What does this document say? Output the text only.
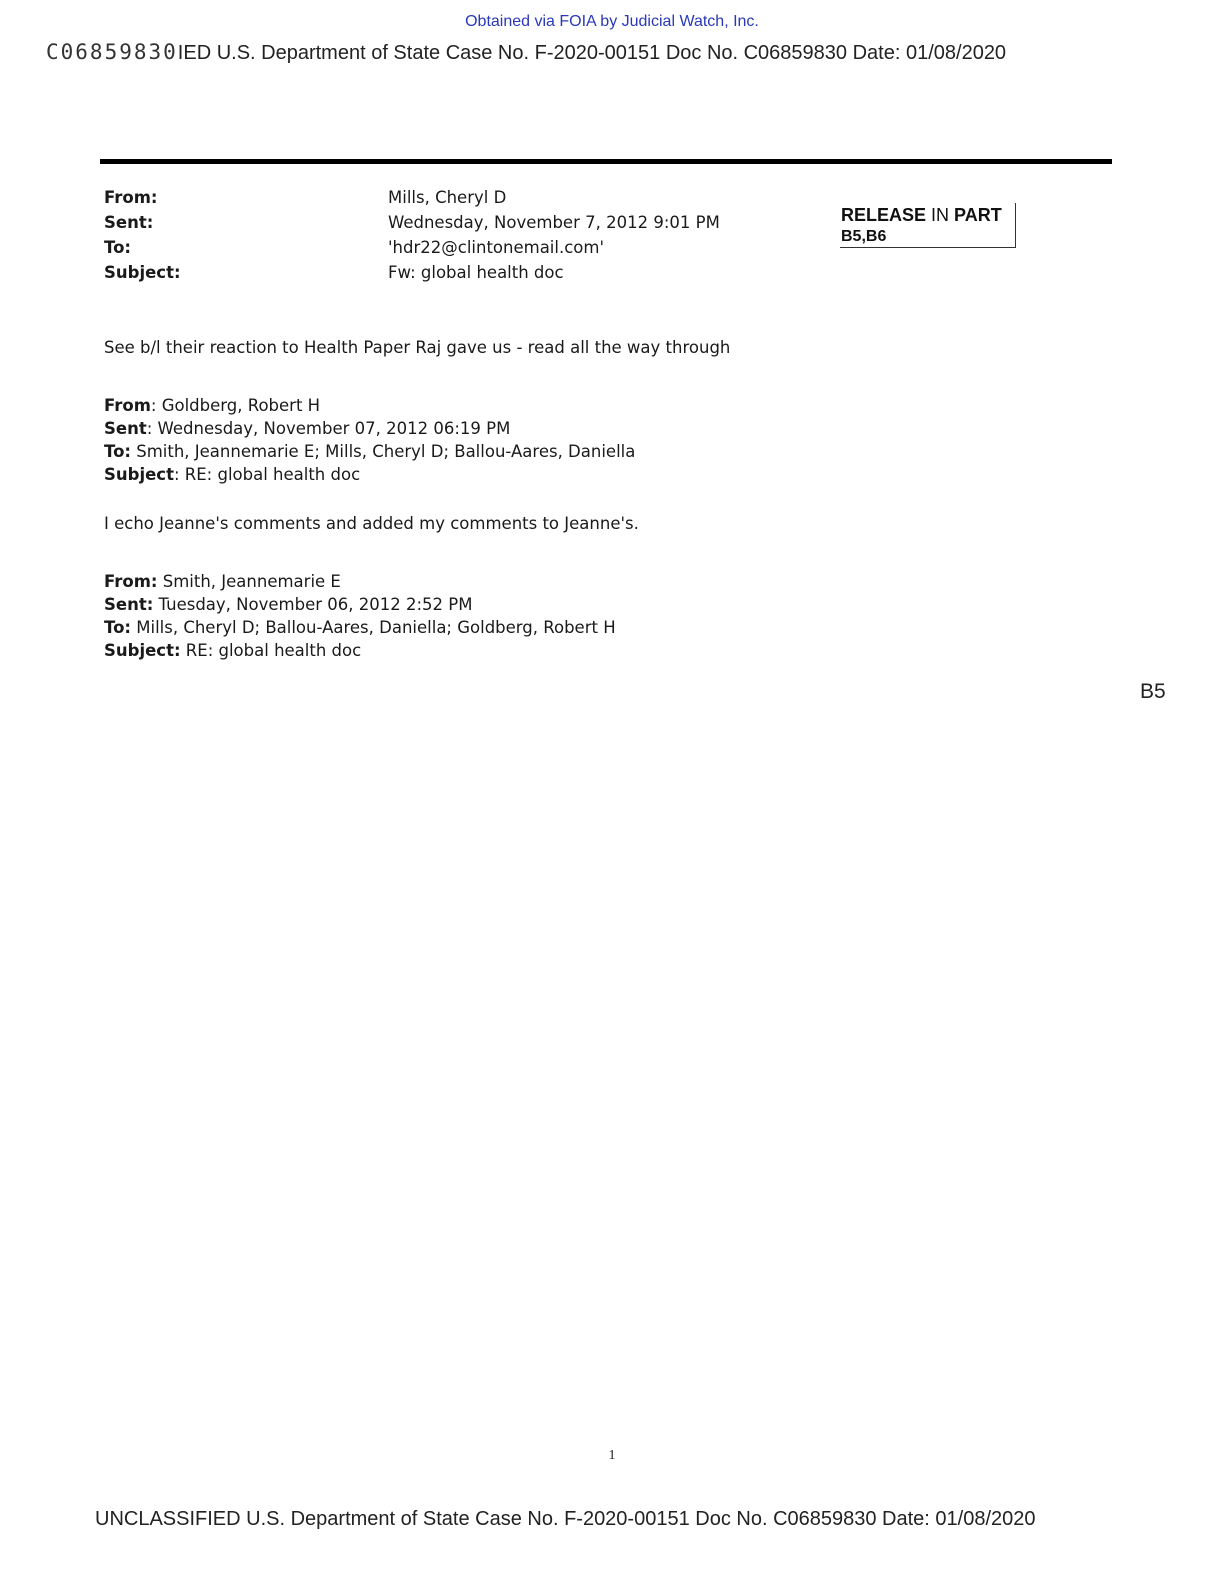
Obtained via FOIA by Judicial Watch, Inc.
C06859830IED U.S. Department of State Case No. F-2020-00151 Doc No. C06859830 Date: 01/08/2020
From:	Mills, Cheryl D
Sent:	Wednesday, November 7, 2012 9:01 PM
To:	'hdr22@clintonemail.com'
Subject:	Fw: global health doc
RELEASE IN PART
B5,B6
See b/l their reaction to Health Paper Raj gave us - read all the way through
From: Goldberg, Robert H
Sent: Wednesday, November 07, 2012 06:19 PM
To: Smith, Jeannemarie E; Mills, Cheryl D; Ballou-Aares, Daniella
Subject: RE: global health doc
I echo Jeanne's comments and added my comments to Jeanne's.
From: Smith, Jeannemarie E
Sent: Tuesday, November 06, 2012 2:52 PM
To: Mills, Cheryl D; Ballou-Aares, Daniella; Goldberg, Robert H
Subject: RE: global health doc
B5
1
UNCLASSIFIED U.S. Department of State Case No. F-2020-00151 Doc No. C06859830 Date: 01/08/2020
